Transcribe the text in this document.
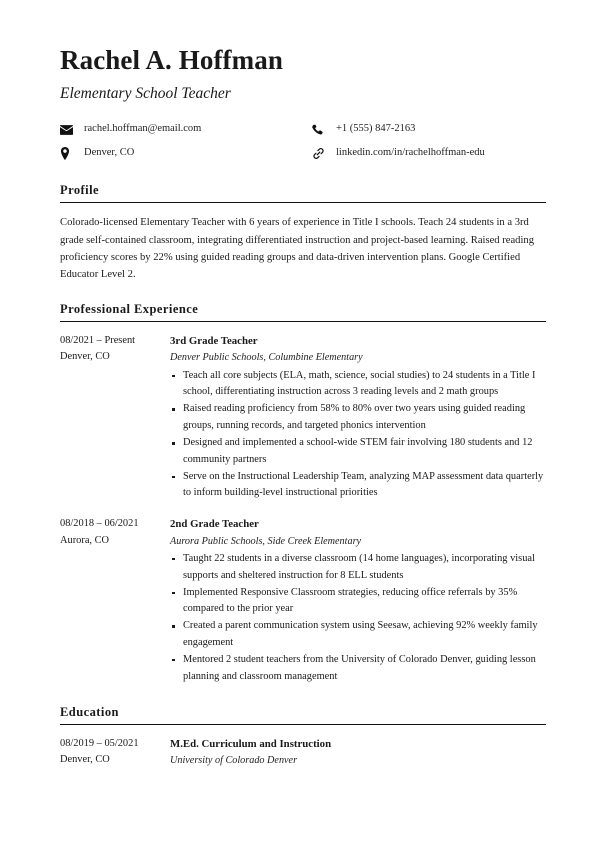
Rachel A. Hoffman
Elementary School Teacher
rachel.hoffman@email.com	+1 (555) 847-2163
Denver, CO	linkedin.com/in/rachelhoffman-edu
Profile

Colorado-licensed Elementary Teacher with 6 years of experience in Title I schools. Teach 24 students in a 3rd grade self-contained classroom, integrating differentiated instruction and project-based learning. Raised reading proficiency scores by 22% using guided reading groups and data-driven intervention plans. Google Certified Educator Level 2.

Professional Experience
08/2021 – Present
Denver, CO
3rd Grade Teacher
Denver Public Schools, Columbine Elementary
Teach all core subjects (ELA, math, science, social studies) to 24 students in a Title I school, differentiating instruction across 3 reading levels and 2 math groups
Raised reading proficiency from 58% to 80% over two years using guided reading groups, running records, and targeted phonics intervention
Designed and implemented a school-wide STEM fair involving 180 students and 12 community partners
Serve on the Instructional Leadership Team, analyzing MAP assessment data quarterly to inform building-level instructional priorities
08/2018 – 06/2021
Aurora, CO
2nd Grade Teacher
Aurora Public Schools, Side Creek Elementary
Taught 22 students in a diverse classroom (14 home languages), incorporating visual supports and sheltered instruction for 8 ELL students
Implemented Responsive Classroom strategies, reducing office referrals by 35% compared to the prior year
Created a parent communication system using Seesaw, achieving 92% weekly family engagement
Mentored 2 student teachers from the University of Colorado Denver, guiding lesson planning and classroom management
Education
08/2019 – 05/2021
Denver, CO
M.Ed. Curriculum and Instruction
University of Colorado Denver
